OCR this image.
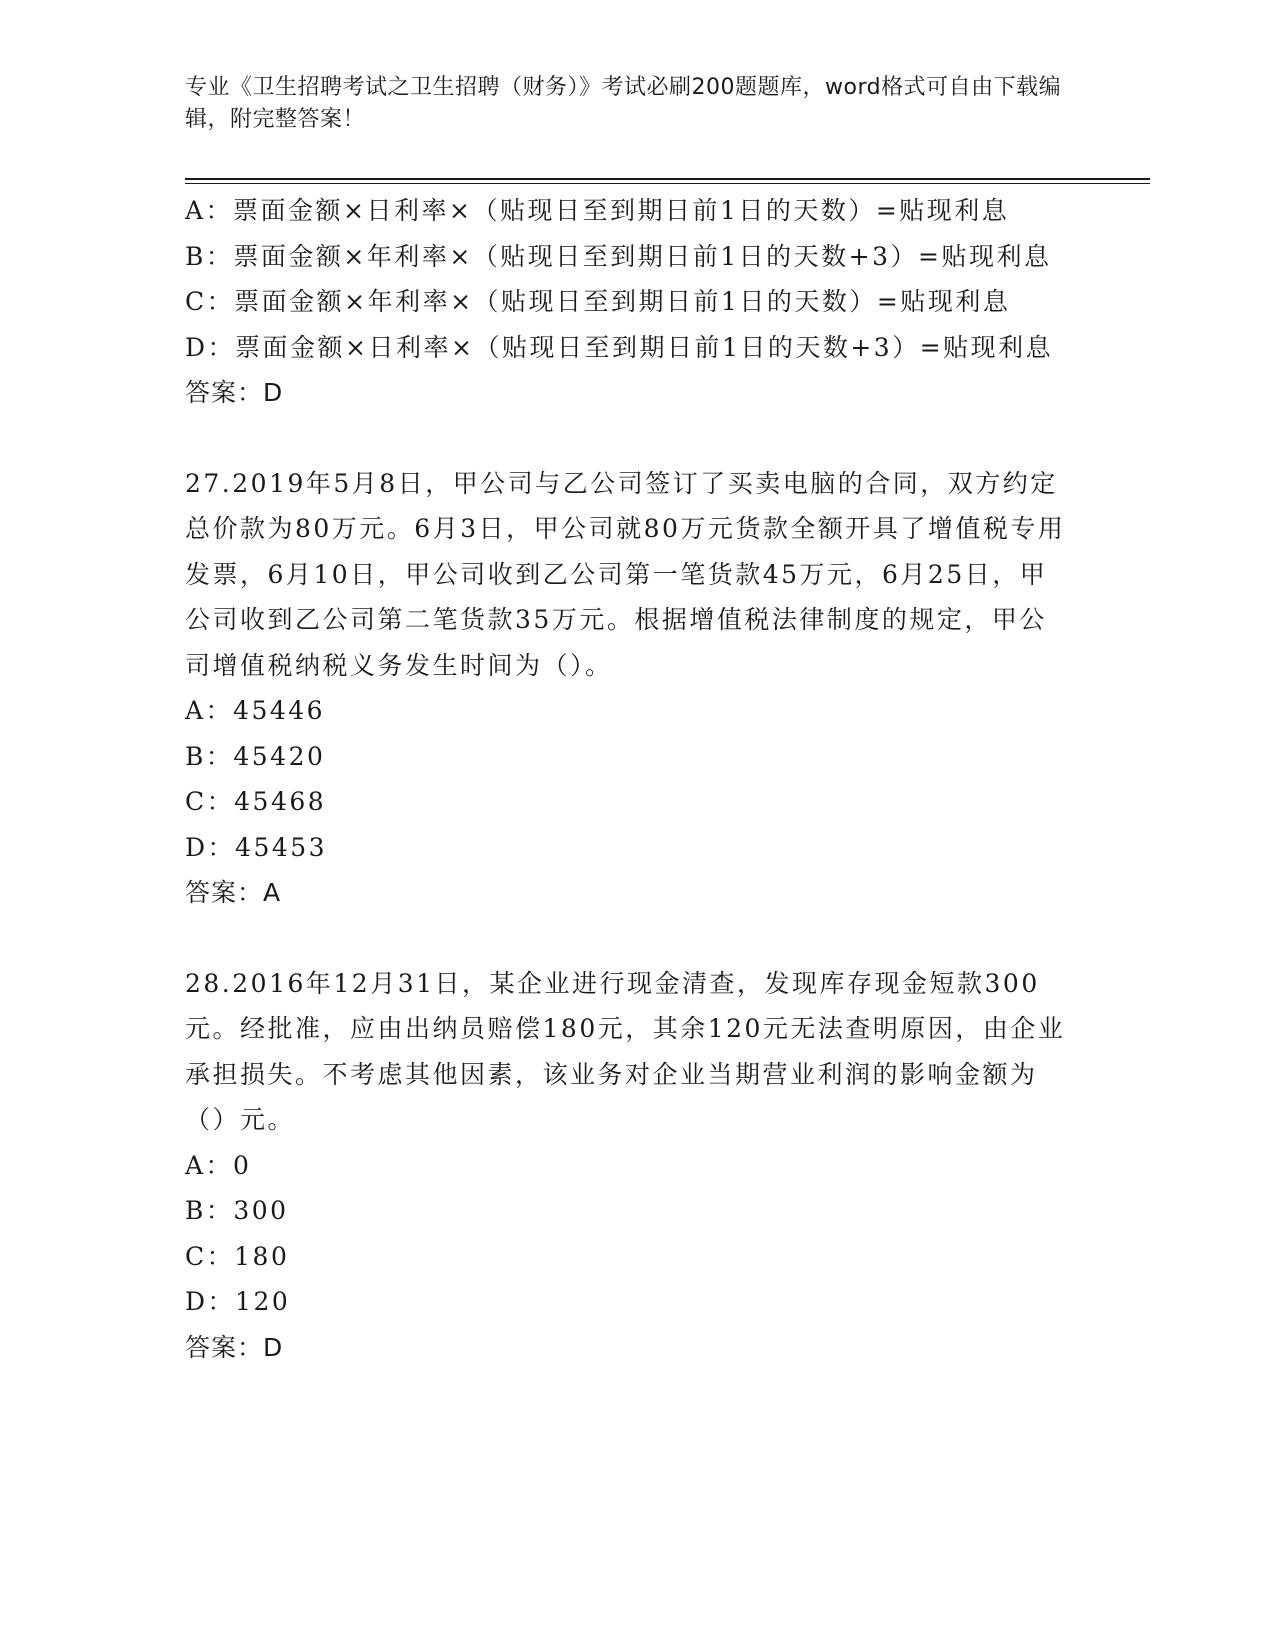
专业《卫生招聘考试之卫生招聘（财务）》考试必刷200题题库，word格式可自由下载编辑，附完整答案！

A：票面金额×日利率×（贴现日至到期日前1日的天数）=贴现利息

B：票面金额×年利率×（贴现日至到期日前1日的天数+3）=贴现利息

C：票面金额×年利率×（贴现日至到期日前1日的天数）=贴现利息

D：票面金额×日利率×（贴现日至到期日前1日的天数+3）=贴现利息

答案：D

27.2019年5月8日，甲公司与乙公司签订了买卖电脑的合同，双方约定总价款为80万元。6月3日，甲公司就80万元货款全额开具了增值税专用发票，6月10日，甲公司收到乙公司第一笔货款45万元，6月25日，甲公司收到乙公司第二笔货款35万元。根据增值税法律制度的规定，甲公司增值税纳税义务发生时间为（）。

A：45446

B：45420

C：45468

D：45453

答案：A

28.2016年12月31日，某企业进行现金清查，发现库存现金短款300元。经批准，应由出纳员赔偿180元，其余120元无法查明原因，由企业承担损失。不考虑其他因素，该业务对企业当期营业利润的影响金额为（）元。

A：0

B：300

C：180

D：120

答案：D
